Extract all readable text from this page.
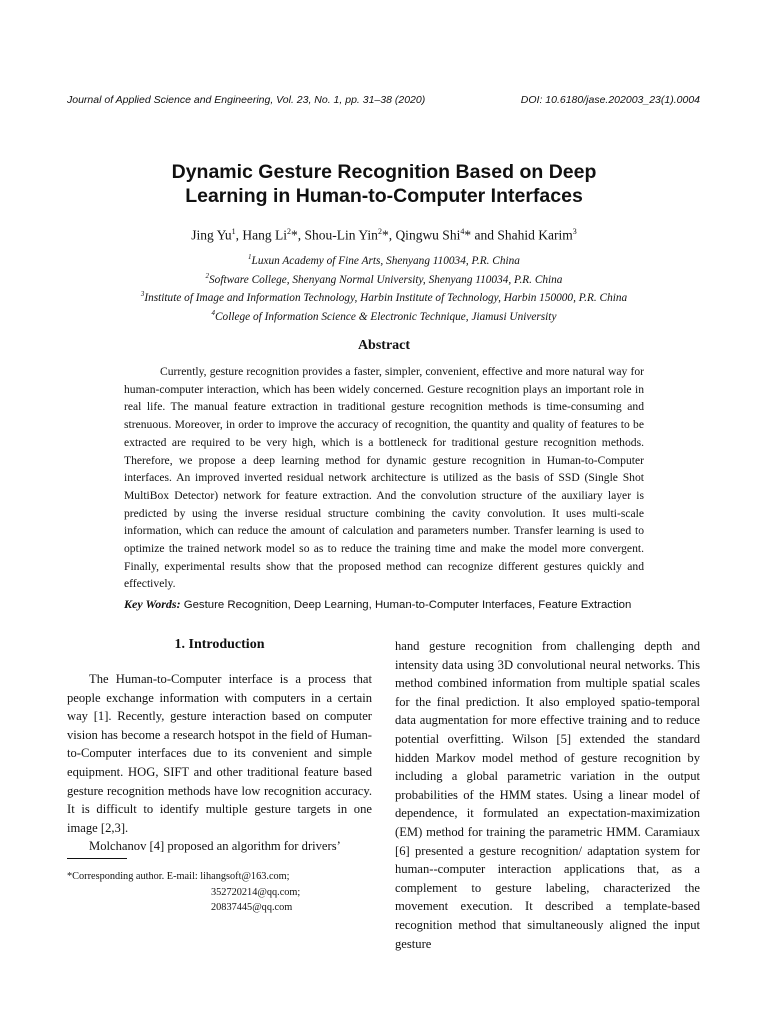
Journal of Applied Science and Engineering, Vol. 23, No. 1, pp. 31–38 (2020)	DOI: 10.6180/jase.202003_23(1).0004
Dynamic Gesture Recognition Based on Deep
Learning in Human-to-Computer Interfaces
Jing Yu$^1$, Hang Li$^2$*, Shou-Lin Yin$^2$*, Qingwu Shi$^4$* and Shahid Karim$^3$
$^1$Luxun Academy of Fine Arts, Shenyang 110034, P.R. China
$^2$Software College, Shenyang Normal University, Shenyang 110034, P.R. China
$^3$Institute of Image and Information Technology, Harbin Institute of Technology, Harbin 150000, P.R. China
$^4$College of Information Science & Electronic Technique, Jiamusi University
Abstract

Currently, gesture recognition provides a faster, simpler, convenient, effective and more natural way for human-computer interaction, which has been widely concerned. Gesture recognition plays an important role in real life. The manual feature extraction in traditional gesture recognition methods is time-consuming and strenuous. Moreover, in order to improve the accuracy of recognition, the quantity and quality of features to be extracted are required to be very high, which is a bottleneck for traditional gesture recognition methods. Therefore, we propose a deep learning method for dynamic gesture recognition in Human-to-Computer interfaces. An improved inverted residual network architecture is utilized as the basis of SSD (Single Shot MultiBox Detector) network for feature extraction. And the convolution structure of the auxiliary layer is predicted by using the inverse residual structure combining the cavity convolution. It uses multi-scale information, which can reduce the amount of calculation and parameters number. Transfer learning is used to optimize the trained network model so as to reduce the training time and make the model more convergent. Finally, experimental results show that the proposed method can recognize different gestures quickly and effectively.

Key Words: Gesture Recognition, Deep Learning, Human-to-Computer Interfaces, Feature Extraction
1. Introduction

The Human-to-Computer interface is a process that people exchange information with computers in a certain way [1]. Recently, gesture interaction based on computer vision has become a research hotspot in the field of Human-to-Computer interfaces due to its convenient and simple equipment. HOG, SIFT and other traditional feature based gesture recognition methods have low recognition accuracy. It is difficult to identify multiple gesture targets in one image [2,3].

Molchanov [4] proposed an algorithm for drivers’

hand gesture recognition from challenging depth and intensity data using 3D convolutional neural networks. This method combined information from multiple spatial scales for the final prediction. It also employed spatio-temporal data augmentation for more effective training and to reduce potential overfitting. Wilson [5] extended the standard hidden Markov model method of gesture recognition by including a global parametric variation in the output probabilities of the HMM states. Using a linear model of dependence, it formulated an expectation-maximization (EM) method for training the parametric HMM. Caramiaux [6] presented a gesture recognition/ adaptation system for human--computer interaction applications that, as a complement to gesture labeling, characterized the movement execution. It described a template-based recognition method that simultaneously aligned the input gesture

*Corresponding author. E-mail: lihangsoft@163.com;
352720214@qq.com;
20837445@qq.com
